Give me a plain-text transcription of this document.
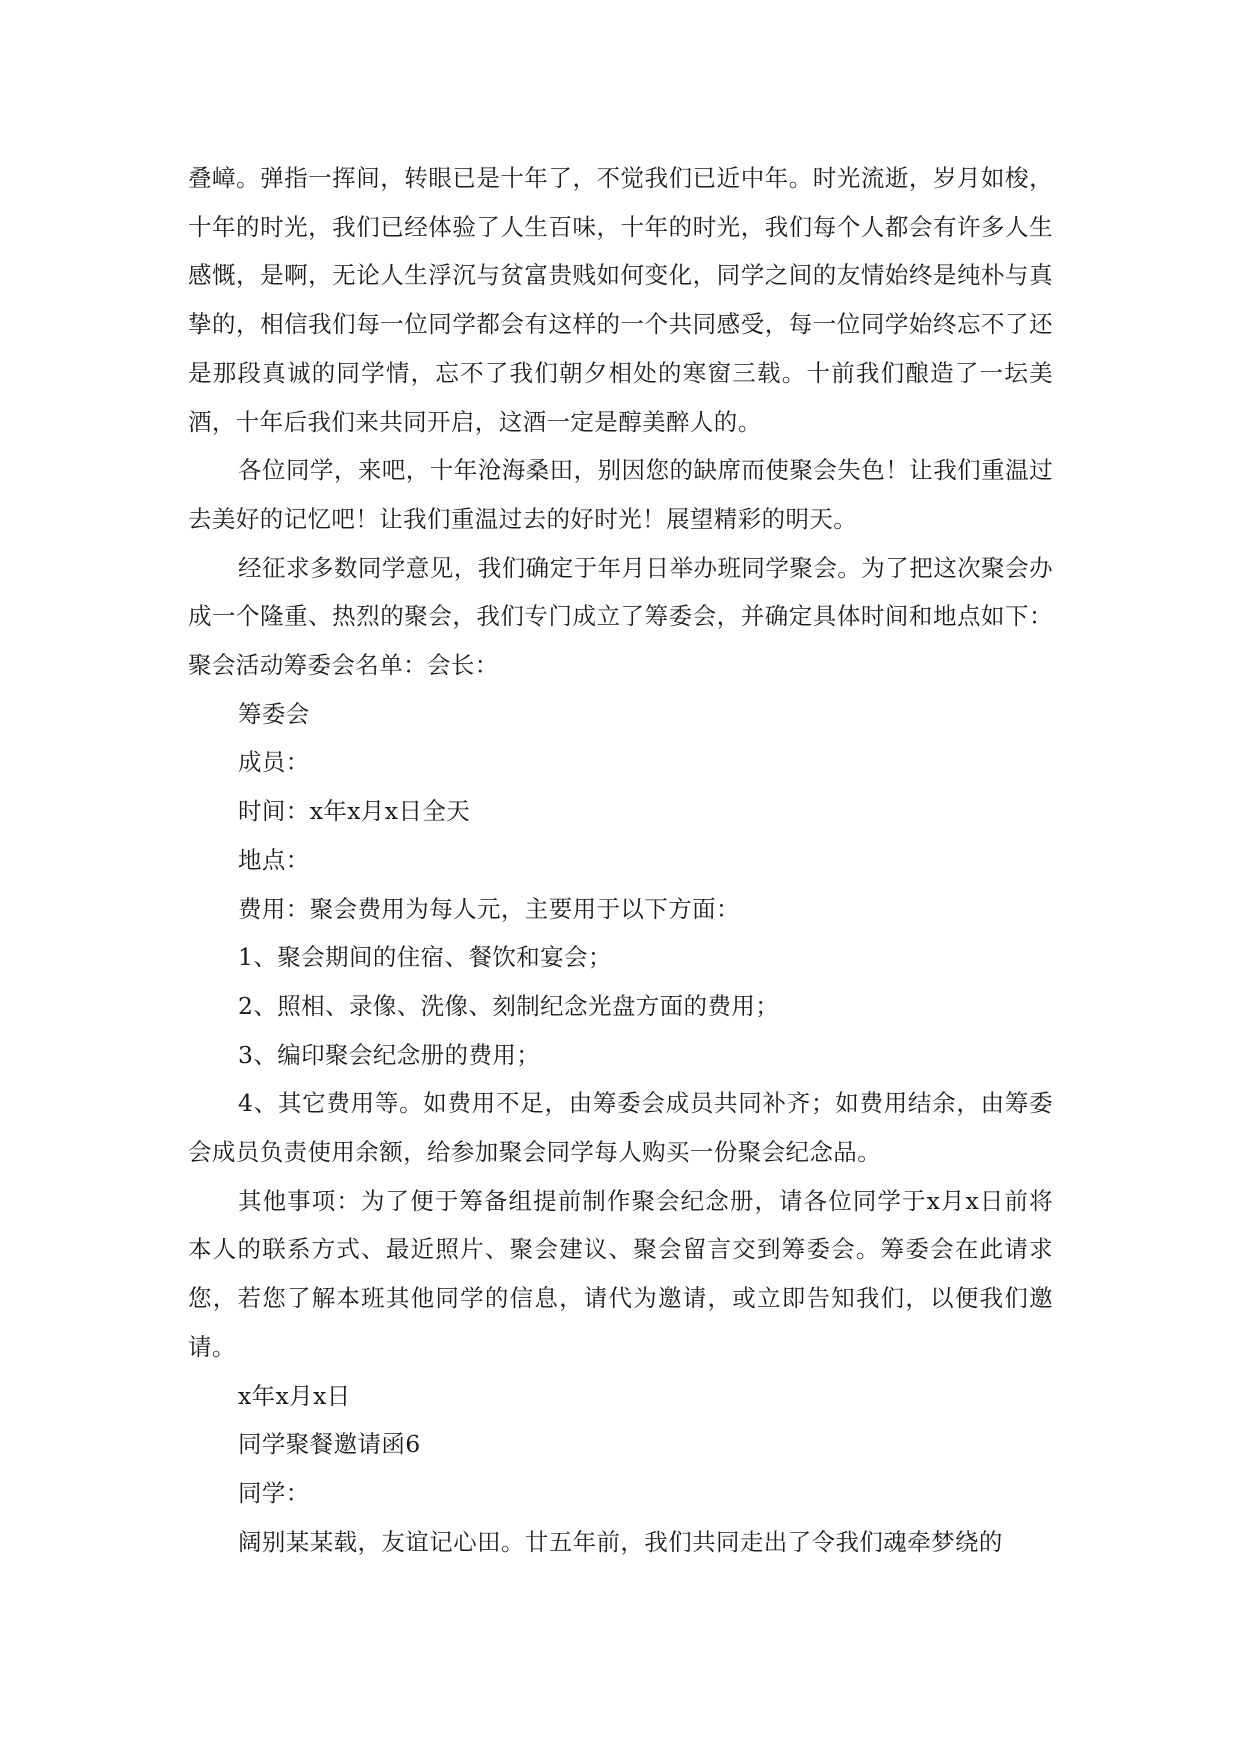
叠嶂。弹指一挥间，转眼已是十年了，不觉我们已近中年。时光流逝，岁月如梭，十年的时光，我们已经体验了人生百味，十年的时光，我们每个人都会有许多人生感慨，是啊，无论人生浮沉与贫富贵贱如何变化，同学之间的友情始终是纯朴与真挚的，相信我们每一位同学都会有这样的一个共同感受，每一位同学始终忘不了还是那段真诚的同学情，忘不了我们朝夕相处的寒窗三载。十前我们酿造了一坛美酒，十年后我们来共同开启，这酒一定是醇美醉人的。

各位同学，来吧，十年沧海桑田，别因您的缺席而使聚会失色！让我们重温过去美好的记忆吧！让我们重温过去的好时光！展望精彩的明天。

经征求多数同学意见，我们确定于年月日举办班同学聚会。为了把这次聚会办成一个隆重、热烈的聚会，我们专门成立了筹委会，并确定具体时间和地点如下：聚会活动筹委会名单：会长：

筹委会

成员：

时间：x年x月x日全天

地点：

费用：聚会费用为每人元，主要用于以下方面：

1、聚会期间的住宿、餐饮和宴会；

2、照相、录像、洗像、刻制纪念光盘方面的费用；

3、编印聚会纪念册的费用；

4、其它费用等。如费用不足，由筹委会成员共同补齐；如费用结余，由筹委会成员负责使用余额，给参加聚会同学每人购买一份聚会纪念品。

其他事项：为了便于筹备组提前制作聚会纪念册，请各位同学于x月x日前将本人的联系方式、最近照片、聚会建议、聚会留言交到筹委会。筹委会在此请求您，若您了解本班其他同学的信息，请代为邀请，或立即告知我们，以便我们邀请。

x年x月x日

同学聚餐邀请函6

同学：

阔别某某载，友谊记心田。廿五年前，我们共同走出了令我们魂牵梦绕的
